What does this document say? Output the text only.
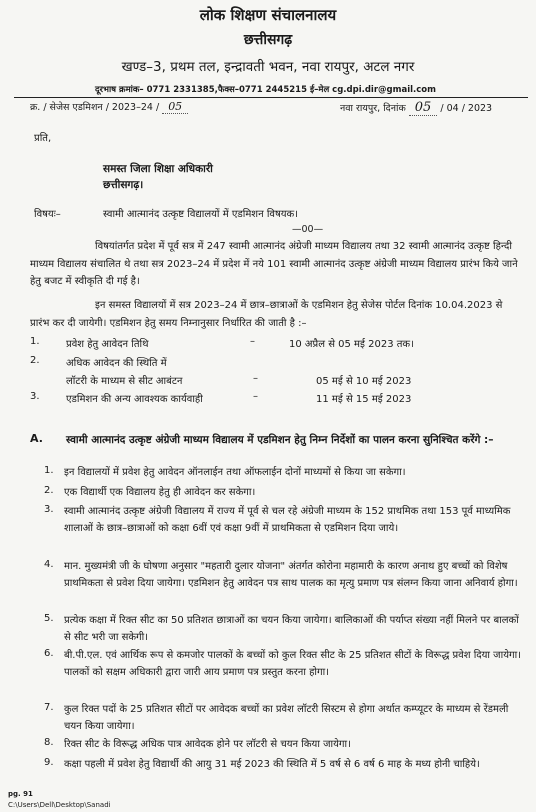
लोक शिक्षण संचालनालय
छत्तीसगढ़
खण्ड–3, प्रथम तल, इन्द्रावती भवन, नवा रायपुर, अटल नगर
दूरभाष क्रमांक– 0771 2331385,फैक्स–0771 2445215 ई–मेल cg.dpi.dir@gmail.com
क्र. / सेजेस एडमिशन / 2023–24 / 05	नवा रायपुर, दिनांक 05 / 04 / 2023
प्रति,
समस्त जिला शिक्षा अधिकारी
छत्तीसगढ़।
विषयः–	स्वामी आत्मानंद उत्कृष्ट विद्यालयों में एडमिशन विषयक।
—00—
विषयांतर्गत प्रदेश में पूर्व सत्र में 247 स्वामी आत्मानंद अंग्रेजी माध्यम विद्यालय तथा 32 स्वामी आत्मानंद उत्कृष्ट हिन्दी माध्यम विद्यालय संचालित थे तथा सत्र 2023–24 में प्रदेश में नये 101 स्वामी आत्मानंद उत्कृष्ट अंग्रेजी माध्यम विद्यालय प्रारंभ किये जाने हेतु बजट में स्वीकृति दी गई है।
इन समस्त विद्यालयों में सत्र 2023–24 में छात्र–छात्राओं के एडमिशन हेतु सेजेस पोर्टल दिनांक 10.04.2023 से प्रारंभ कर दी जायेगी। एडमिशन हेतु समय निम्नानुसार निर्धारित की जाती है :–
1.	प्रवेश हेतु आवेदन तिथि	–	10 अप्रैल से 05 मई 2023 तक।
2.	अधिक आवेदन की स्थिति में
लॉटरी के माध्यम से सीट आबंटन	–	05 मई से 10 मई 2023
3.	एडमिशन की अन्य आवश्यक कार्यवाही	–	11 मई से 15 मई 2023
A. स्वामी आत्मानंद उत्कृष्ट अंग्रेजी माध्यम विद्यालय में एडमिशन हेतु निम्न निर्देशों का पालन करना सुनिश्चित करेंगे :–
1. इन विद्यालयों में प्रवेश हेतु आवेदन ऑनलाईन तथा ऑफलाईन दोनों माध्यमों से किया जा सकेगा।
2. एक विद्यार्थी एक विद्यालय हेतु ही आवेदन कर सकेगा।
3. स्वामी आत्मानंद उत्कृष्ट अंग्रेजी विद्यालय में राज्य में पूर्व से चल रहे अंग्रेजी माध्यम के 152 प्राथमिक तथा 153 पूर्व माध्यमिक शालाओं के छात्र–छात्राओं को कक्षा 6वीं एवं कक्षा 9वीं में प्राथमिकता से एडमिशन दिया जाये।
4. मान. मुख्यमंत्री जी के घोषणा अनुसार "महतारी दुलार योजना" अंतर्गत कोरोना महामारी के कारण अनाथ हुए बच्चों को विशेष प्राथमिकता से प्रवेश दिया जायेगा। एडमिशन हेतु आवेदन पत्र साथ पालक का मृत्यु प्रमाण पत्र संलग्न किया जाना अनिवार्य होगा।
5. प्रत्येक कक्षा में रिक्त सीट का 50 प्रतिशत छात्राओं का चयन किया जायेगा। बालिकाओं की पर्याप्त संख्या नहीं मिलने पर बालकों से सीट भरी जा सकेगी।
6. बी.पी.एल. एवं आर्थिक रूप से कमजोर पालकों के बच्चों को कुल रिक्त सीट के 25 प्रतिशत सीटों के विरूद्ध प्रवेश दिया जायेगा। पालकों को सक्षम अधिकारी द्वारा जारी आय प्रमाण पत्र प्रस्तुत करना होगा।
7. कुल रिक्त पदों के 25 प्रतिशत सीटों पर आवेदक बच्चों का प्रवेश लॉटरी सिस्टम से होगा अर्थात कम्प्यूटर के माध्यम से रेंडमली चयन किया जायेगा।
8. रिक्त सीट के विरूद्ध अधिक पात्र आवेदक होने पर लॉटरी से चयन किया जायेगा।
9. कक्षा पहली में प्रवेश हेतु विद्यार्थी की आयु 31 मई 2023 की स्थिति में 5 वर्ष से 6 वर्ष 6 माह के मध्य होनी चाहिये।
pg. 91
C:\Users\Dell\Desktop\Sanadi
